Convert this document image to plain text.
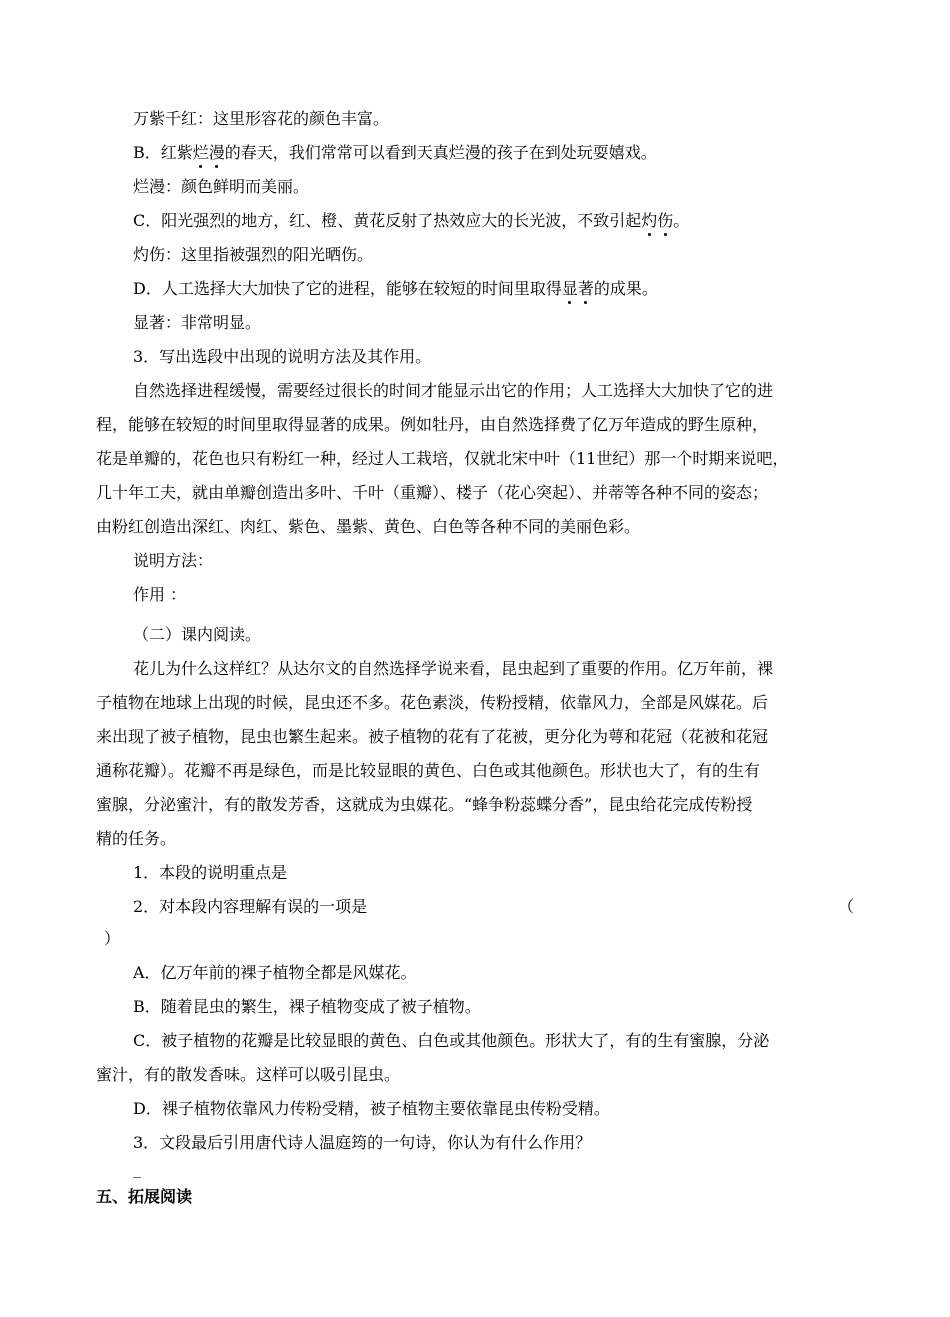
万紫千红：这里形容花的颜色丰富。
B．红紫烂漫的春天，我们常常可以看到天真烂漫的孩子在到处玩耍嬉戏。
烂漫：颜色鲜明而美丽。
C．阳光强烈的地方，红、橙、黄花反射了热效应大的长光波，不致引起灼伤。
灼伤：这里指被强烈的阳光晒伤。
D．人工选择大大加快了它的进程，能够在较短的时间里取得显著的成果。
显著：非常明显。
3．写出选段中出现的说明方法及其作用。
自然选择进程缓慢，需要经过很长的时间才能显示出它的作用；人工选择大大加快了它的进
程，能够在较短的时间里取得显著的成果。例如牡丹，由自然选择费了亿万年造成的野生原种，
花是单瓣的，花色也只有粉红一种，经过人工栽培，仅就北宋中叶（11世纪）那一个时期来说吧，
几十年工夫，就由单瓣创造出多叶、千叶（重瓣）、楼子（花心突起）、并蒂等各种不同的姿态；
由粉红创造出深红、肉红、紫色、墨紫、黄色、白色等各种不同的美丽色彩。
说明方法：
作用 ：
（二）课内阅读。
花儿为什么这样红？从达尔文的自然选择学说来看，昆虫起到了重要的作用。亿万年前，裸
子植物在地球上出现的时候，昆虫还不多。花色素淡，传粉授精，依靠风力，全部是风媒花。后
来出现了被子植物，昆虫也繁生起来。被子植物的花有了花被，更分化为萼和花冠（花被和花冠
通称花瓣）。花瓣不再是绿色，而是比较显眼的黄色、白色或其他颜色。形状也大了，有的生有
蜜腺，分泌蜜汁，有的散发芳香，这就成为虫媒花。“蜂争粉蕊蝶分香”，昆虫给花完成传粉授
精的任务。
1．本段的说明重点是
2．对本段内容理解有误的一项是	（
）
A．亿万年前的裸子植物全都是风媒花。
B．随着昆虫的繁生，裸子植物变成了被子植物。
C．被子植物的花瓣是比较显眼的黄色、白色或其他颜色。形状大了，有的生有蜜腺，分泌
蜜汁，有的散发香味。这样可以吸引昆虫。
D．裸子植物依靠风力传粉受精，被子植物主要依靠昆虫传粉受精。
3．文段最后引用唐代诗人温庭筠的一句诗，你认为有什么作用？
_
五、拓展阅读
